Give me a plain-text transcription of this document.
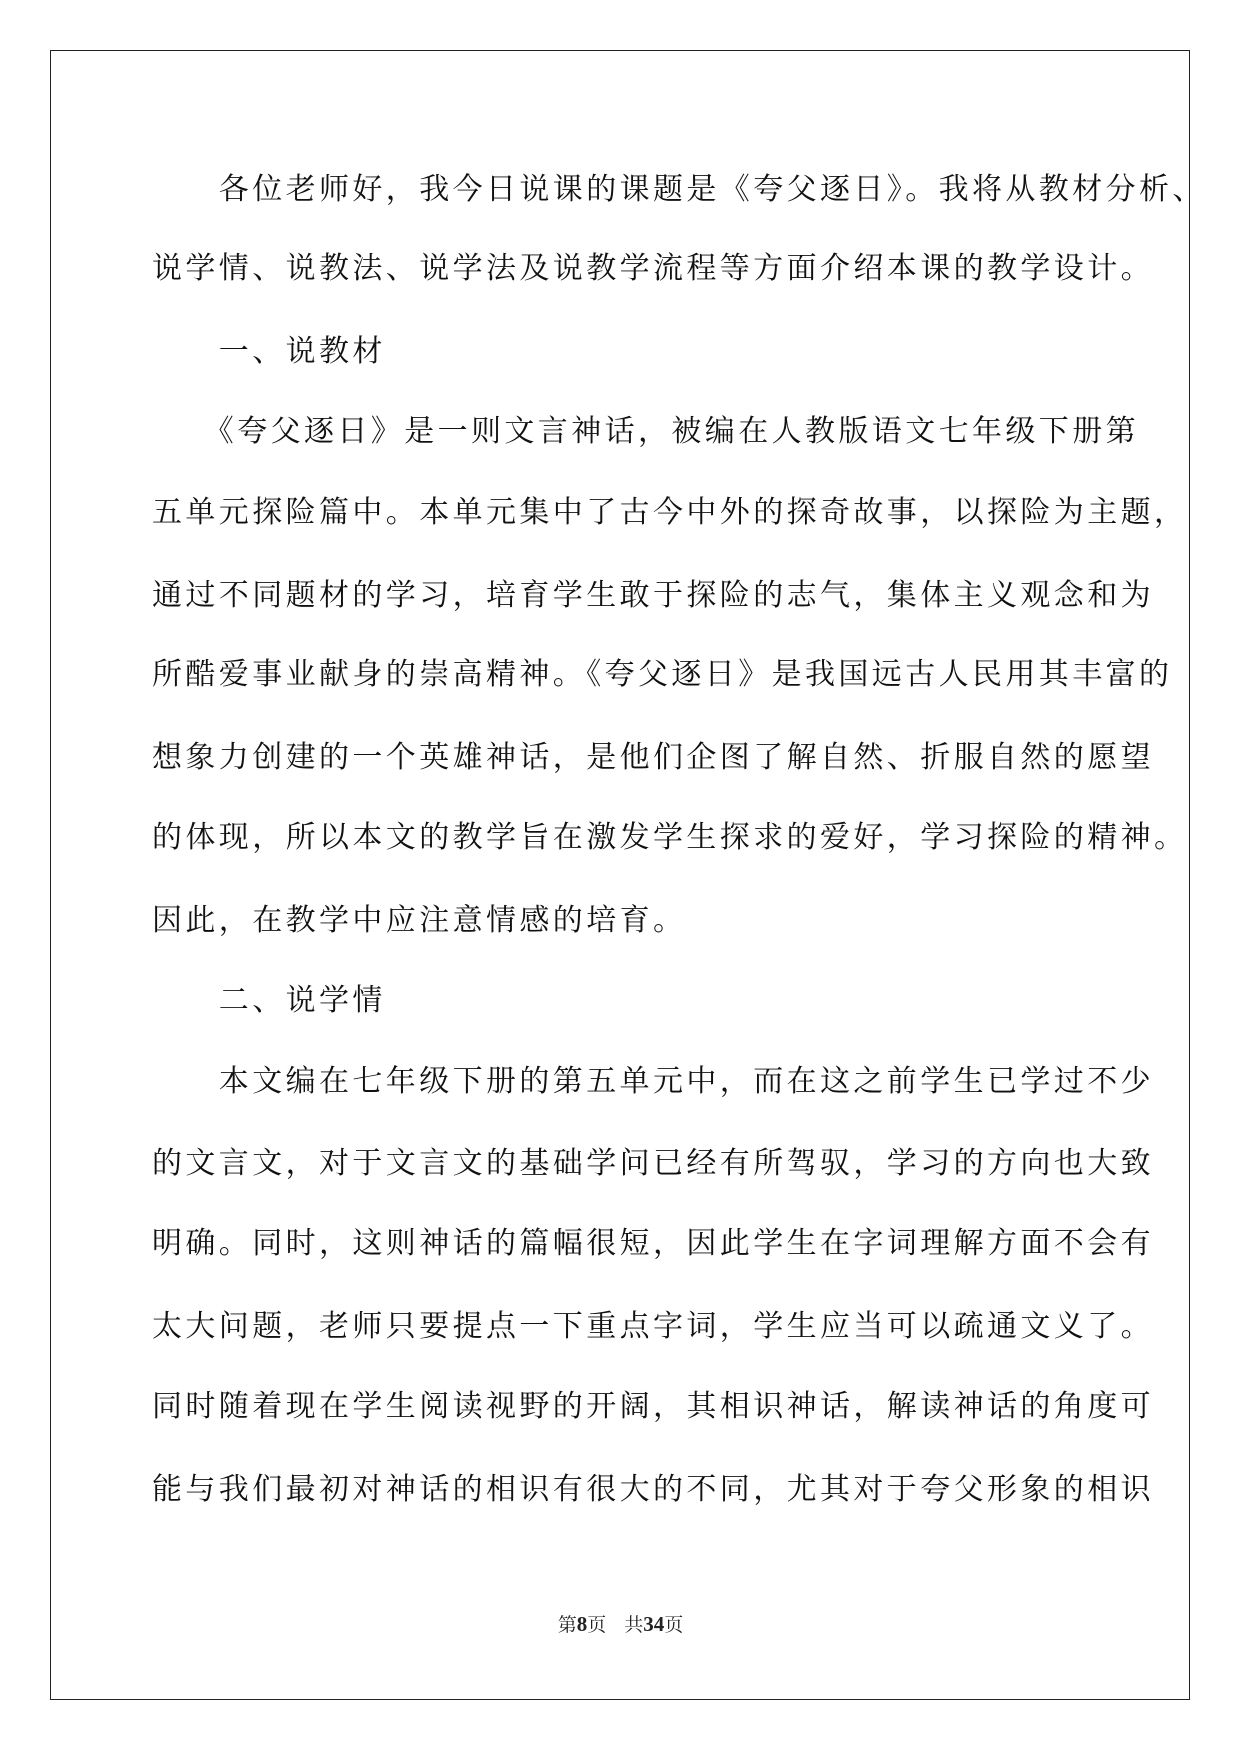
　　各位老师好，我今日说课的课题是《夸父逐日》。我将从教材分析、
说学情、说教法、说学法及说教学流程等方面介绍本课的教学设计。
　　一、说教材
　　《夸父逐日》是一则文言神话，被编在人教版语文七年级下册第
五单元探险篇中。本单元集中了古今中外的探奇故事，以探险为主题，
通过不同题材的学习，培育学生敢于探险的志气，集体主义观念和为
所酷爱事业献身的崇高精神。《夸父逐日》是我国远古人民用其丰富的
想象力创建的一个英雄神话，是他们企图了解自然、折服自然的愿望
的体现，所以本文的教学旨在激发学生探求的爱好，学习探险的精神。
因此，在教学中应注意情感的培育。
　　二、说学情
　　本文编在七年级下册的第五单元中，而在这之前学生已学过不少
的文言文，对于文言文的基础学问已经有所驾驭，学习的方向也大致
明确。同时，这则神话的篇幅很短，因此学生在字词理解方面不会有
太大问题，老师只要提点一下重点字词，学生应当可以疏通文义了。
同时随着现在学生阅读视野的开阔，其相识神话，解读神话的角度可
能与我们最初对神话的相识有很大的不同，尤其对于夸父形象的相识
第8页 共34页
